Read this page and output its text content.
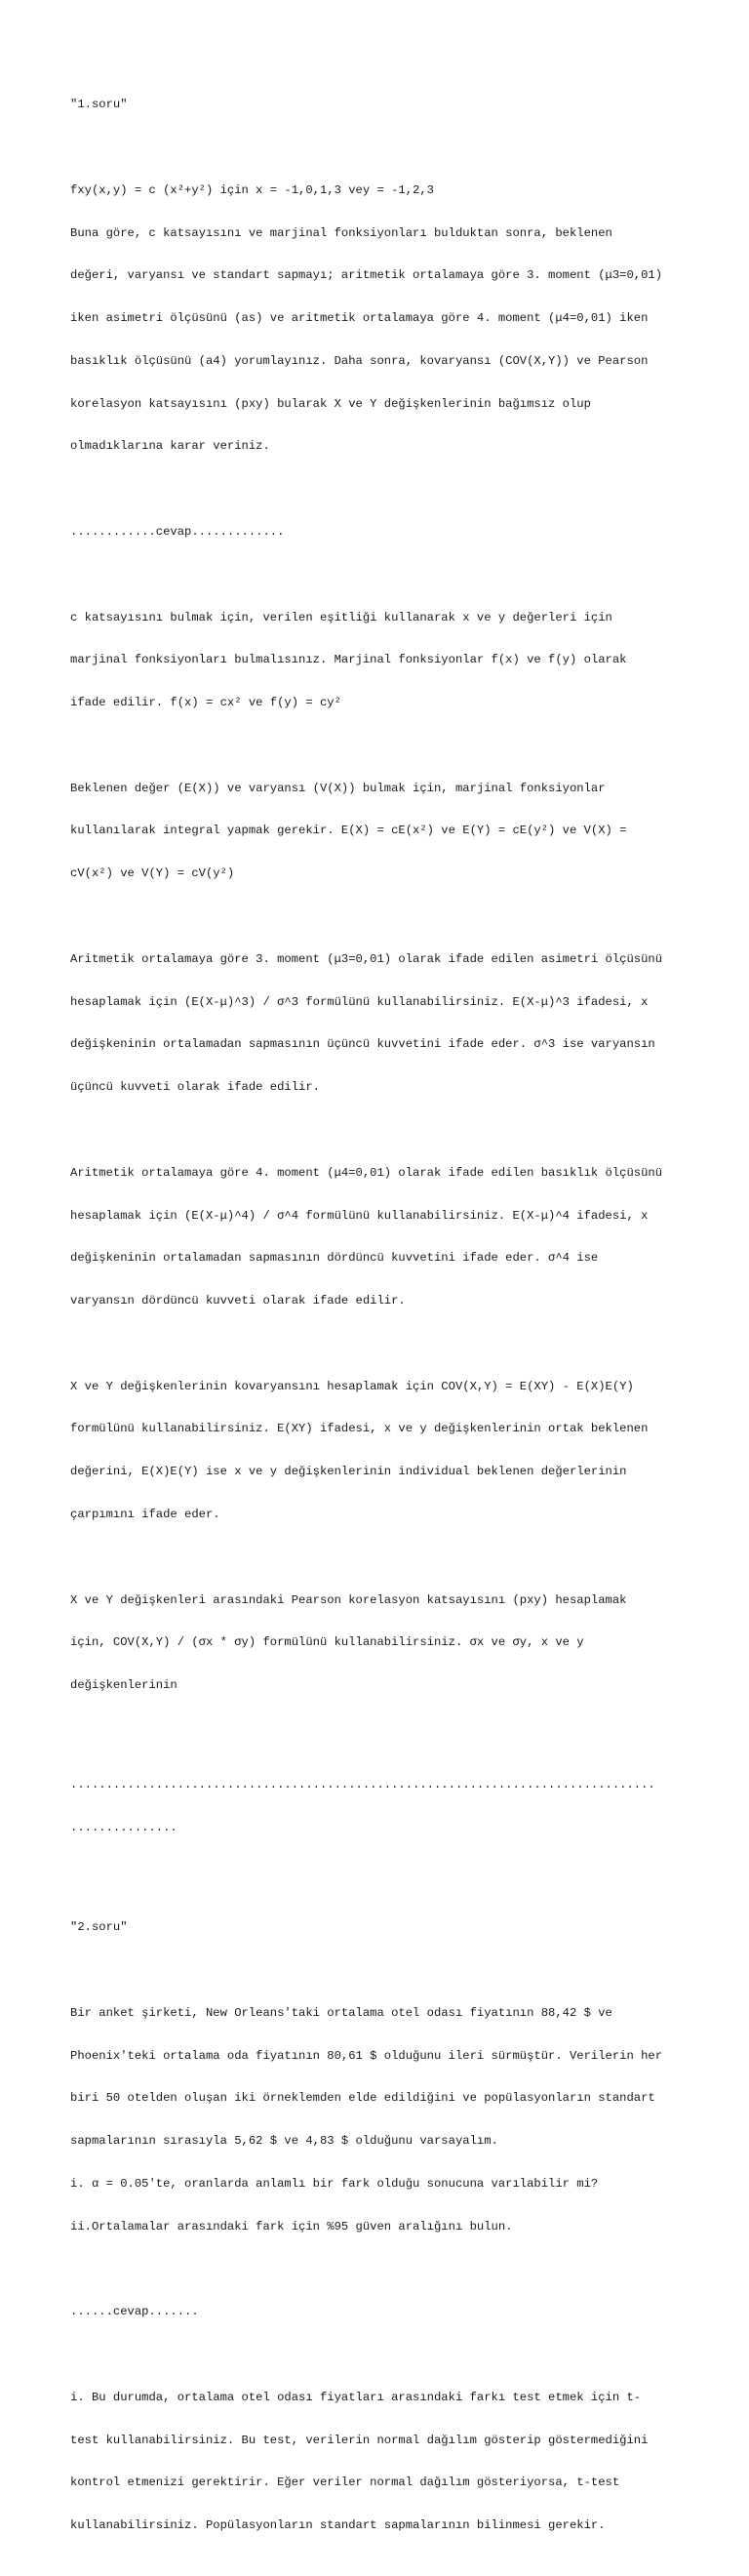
"1.soru"

fxy(x,y) = c (x²+y²) için x = -1,0,1,3 vey = -1,2,3

Buna göre, c katsayısını ve marjinal fonksiyonları bulduktan sonra, beklenen

değeri, varyansı ve standart sapmayı; aritmetik ortalamaya göre 3. moment (μ3=0,01)

iken asimetri ölçüsünü (as) ve aritmetik ortalamaya göre 4. moment (μ4=0,01) iken

basıklık ölçüsünü (a4) yorumlayınız. Daha sonra, kovaryansı (COV(X,Y)) ve Pearson

korelasyon katsayısını (pxy) bularak X ve Y değişkenlerinin bağımsız olup

olmadıklarına karar veriniz.

............cevap.............

c katsayısını bulmak için, verilen eşitliği kullanarak x ve y değerleri için

marjinal fonksiyonları bulmalısınız. Marjinal fonksiyonlar f(x) ve f(y) olarak

ifade edilir. f(x) = cx² ve f(y) = cy²

Beklenen değer (E(X)) ve varyansı (V(X)) bulmak için, marjinal fonksiyonlar

kullanılarak integral yapmak gerekir. E(X) = cE(x²) ve E(Y) = cE(y²) ve V(X) =

cV(x²) ve V(Y) = cV(y²)

Aritmetik ortalamaya göre 3. moment (μ3=0,01) olarak ifade edilen asimetri ölçüsünü

hesaplamak için (E(X-μ)^3) / σ^3 formülünü kullanabilirsiniz. E(X-μ)^3 ifadesi, x

değişkeninin ortalamadan sapmasının üçüncü kuvvetini ifade eder. σ^3 ise varyansın

üçüncü kuvveti olarak ifade edilir.

Aritmetik ortalamaya göre 4. moment (μ4=0,01) olarak ifade edilen basıklık ölçüsünü

hesaplamak için (E(X-μ)^4) / σ^4 formülünü kullanabilirsiniz. E(X-μ)^4 ifadesi, x

değişkeninin ortalamadan sapmasının dördüncü kuvvetini ifade eder. σ^4 ise

varyansın dördüncü kuvveti olarak ifade edilir.

X ve Y değişkenlerinin kovaryansını hesaplamak için COV(X,Y) = E(XY) - E(X)E(Y)

formülünü kullanabilirsiniz. E(XY) ifadesi, x ve y değişkenlerinin ortak beklenen

değerini, E(X)E(Y) ise x ve y değişkenlerinin individual beklenen değerlerinin

çarpımını ifade eder.

X ve Y değişkenleri arasındaki Pearson korelasyon katsayısını (pxy) hesaplamak

için, COV(X,Y) / (σx * σy) formülünü kullanabilirsiniz. σx ve σy, x ve y

değişkenlerinin

..................................................................................

...............

"2.soru"

Bir anket şirketi, New Orleans'taki ortalama otel odası fiyatının 88,42 $ ve

Phoenix'teki ortalama oda fiyatının 80,61 $ olduğunu ileri sürmüştür. Verilerin her

biri 50 otelden oluşan iki örneklemden elde edildiğini ve popülasyonların standart

sapmalarının sırasıyla 5,62 $ ve 4,83 $ olduğunu varsayalım.

i. α = 0.05'te, oranlarda anlamlı bir fark olduğu sonucuna varılabilir mi?

ii.Ortalamalar arasındaki fark için %95 güven aralığını bulun.

......cevap.......

i. Bu durumda, ortalama otel odası fiyatları arasındaki farkı test etmek için t-

test kullanabilirsiniz. Bu test, verilerin normal dağılım gösterip göstermediğini

kontrol etmenizi gerektirir. Eğer veriler normal dağılım gösteriyorsa, t-test

kullanabilirsiniz. Popülasyonların standart sapmalarının bilinmesi gerekir.
